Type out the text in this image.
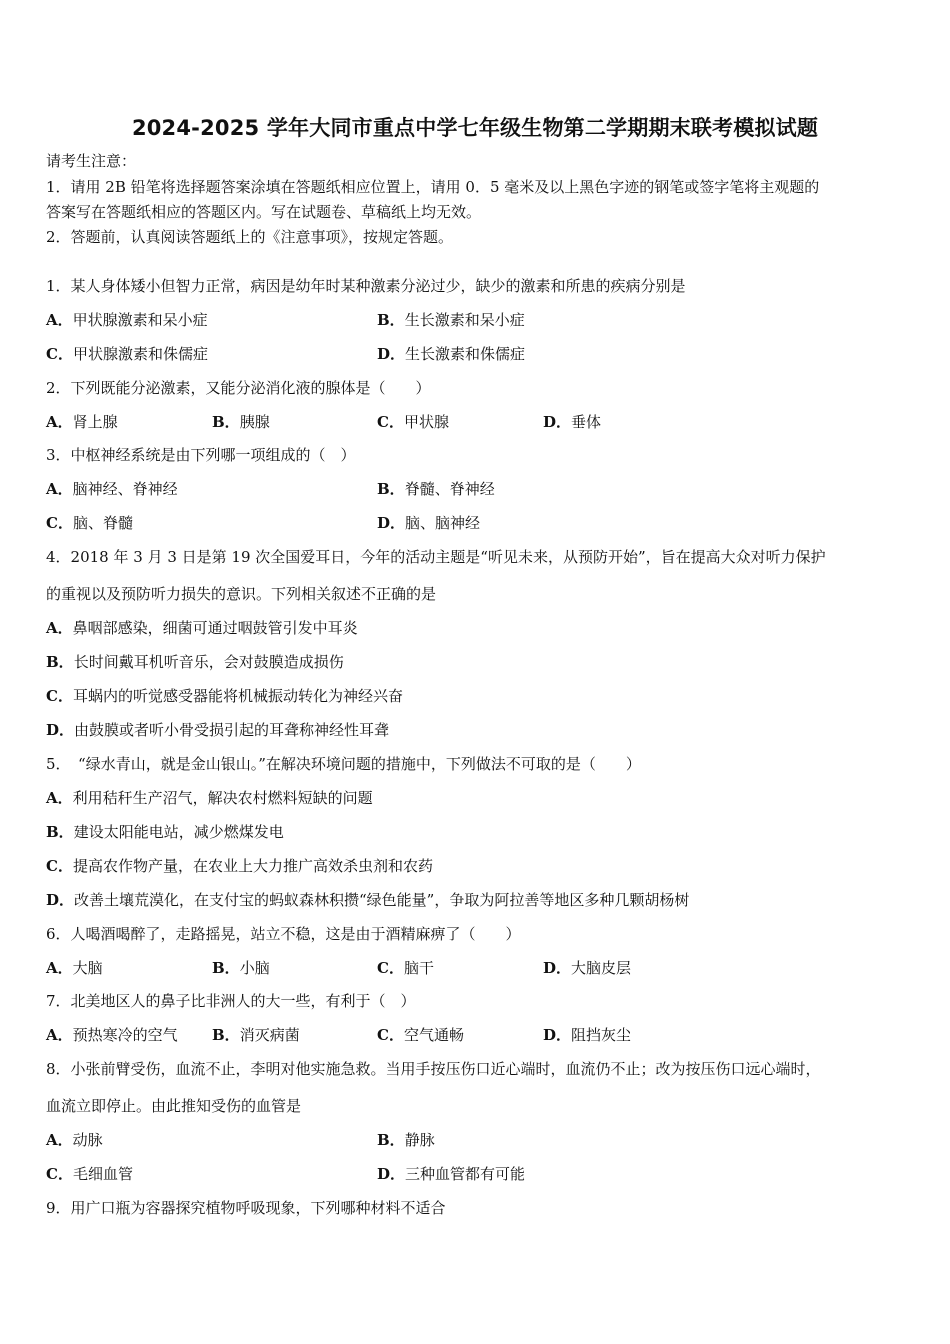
2024-2025 学年大同市重点中学七年级生物第二学期期末联考模拟试题
请考生注意：
1．请用 2B 铅笔将选择题答案涂填在答题纸相应位置上，请用 0．5 毫米及以上黑色字迹的钢笔或签字笔将主观题的
答案写在答题纸相应的答题区内。写在试题卷、草稿纸上均无效。
2．答题前，认真阅读答题纸上的《注意事项》，按规定答题。
1．某人身体矮小但智力正常，病因是幼年时某种激素分泌过少，缺少的激素和所患的疾病分别是
A．甲状腺激素和呆小症	B．生长激素和呆小症
C．甲状腺激素和侏儒症	D．生长激素和侏儒症
2．下列既能分泌激素，又能分泌消化液的腺体是（　　）
A．肾上腺	B．胰腺	C．甲状腺	D．垂体
3．中枢神经系统是由下列哪一项组成的（　）
A．脑神经、脊神经	B．脊髓、脊神经
C．脑、脊髓	D．脑、脑神经
4．2018 年 3 月 3 日是第 19 次全国爱耳日，今年的活动主题是“听见未来，从预防开始”，旨在提高大众对听力保护
的重视以及预防听力损失的意识。下列相关叙述不正确的是
A．鼻咽部感染，细菌可通过咽鼓管引发中耳炎
B．长时间戴耳机听音乐，会对鼓膜造成损伤
C．耳蜗内的听觉感受器能将机械振动转化为神经兴奋
D．由鼓膜或者听小骨受损引起的耳聋称神经性耳聋
5．　“绿水青山，就是金山银山。”在解决环境问题的措施中，下列做法不可取的是（　　）
A．利用秸秆生产沼气，解决农村燃料短缺的问题
B．建设太阳能电站，减少燃煤发电
C．提高农作物产量，在农业上大力推广高效杀虫剂和农药
D．改善土壤荒漠化，在支付宝的蚂蚁森林积攒“绿色能量”，争取为阿拉善等地区多种几颗胡杨树
6．人喝酒喝醉了，走路摇晃，站立不稳，这是由于酒精麻痹了（　　）
A．大脑	B．小脑	C．脑干	D．大脑皮层
7．北美地区人的鼻子比非洲人的大一些，有利于（　）
A．预热寒冷的空气 B．消灭病菌	C．空气通畅	D．阻挡灰尘
8．小张前臂受伤，血流不止，李明对他实施急救。当用手按压伤口近心端时，血流仍不止；改为按压伤口远心端时，
血流立即停止。由此推知受伤的血管是
A．动脉	B．静脉
C．毛细血管	D．三种血管都有可能
9．用广口瓶为容器探究植物呼吸现象，下列哪种材料不适合
